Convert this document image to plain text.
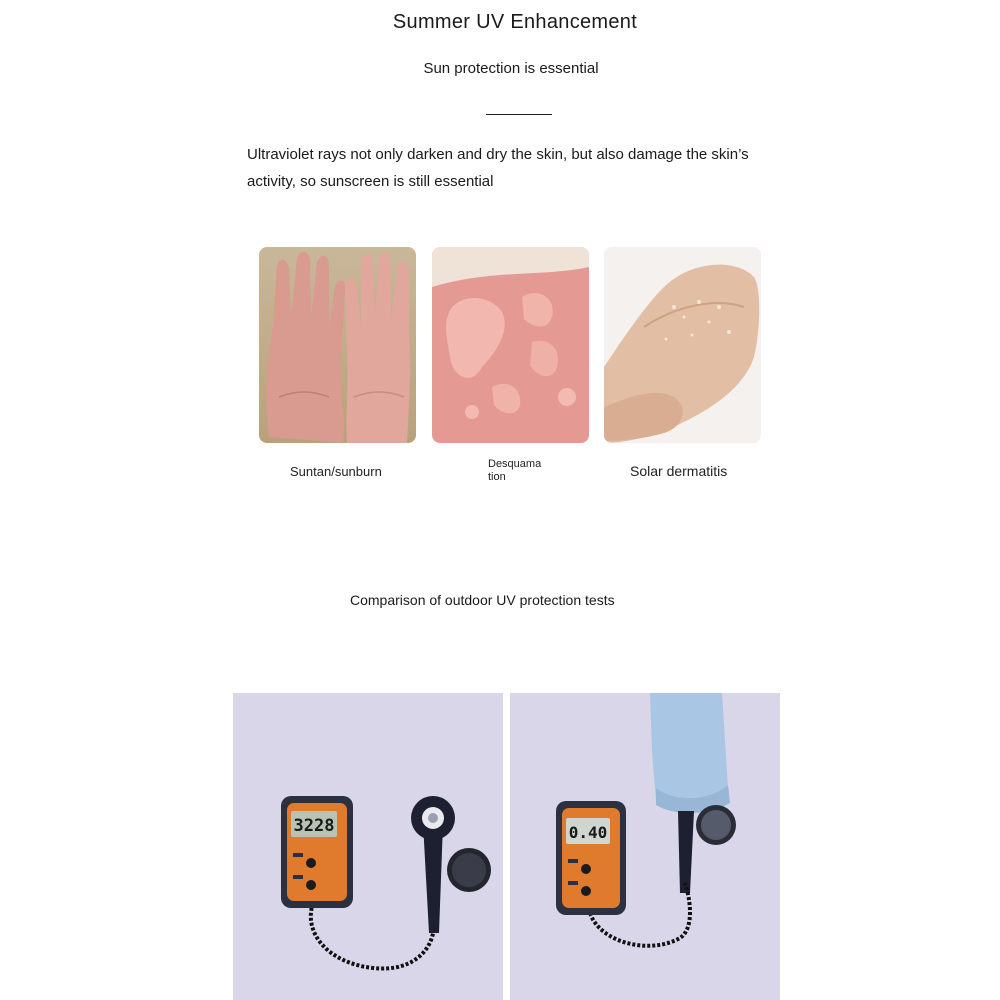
Summer UV Enhancement
Sun protection is essential
Ultraviolet rays not only darken and dry the skin, but also damage the skin’s activity, so sunscreen is still essential
Suntan/sunburn	Desquamation	Solar dermatitis
Comparison of outdoor UV protection tests
3228	0.40
